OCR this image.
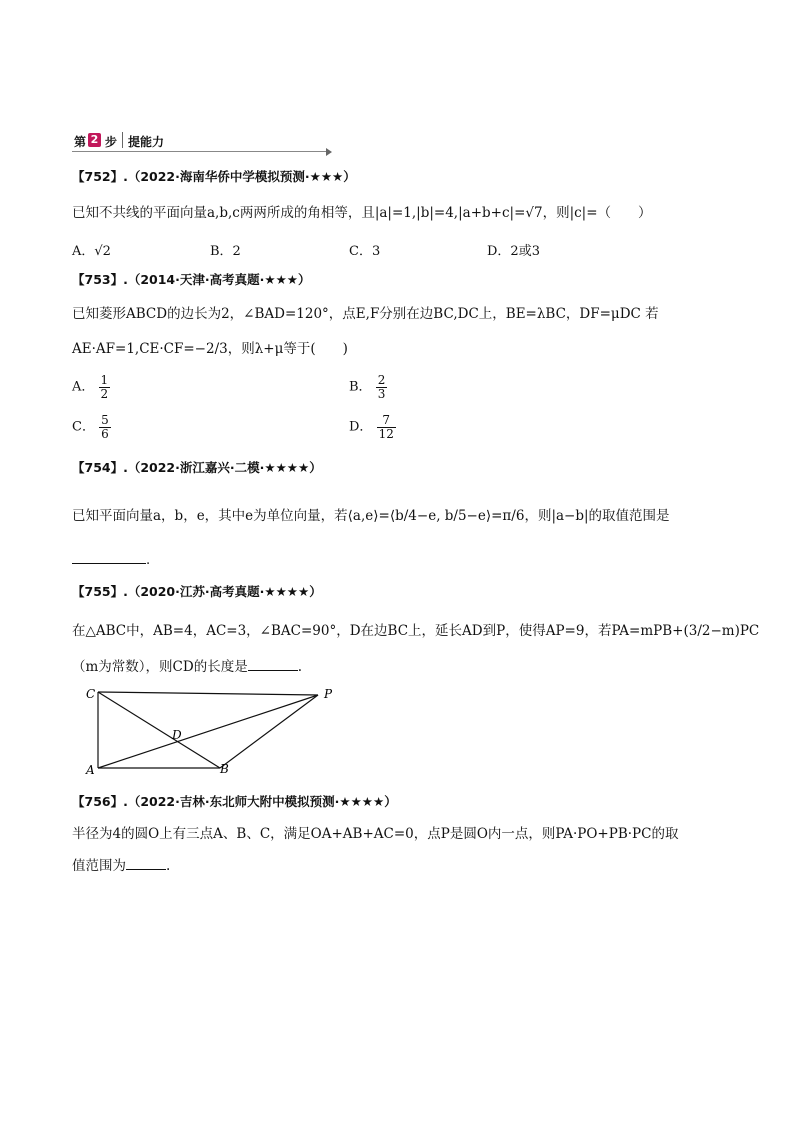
第 2 步 提能力
【752】.（2022·海南华侨中学模拟预测·★★★）
已知不共线的平面向量a,b,c两两所成的角相等，且|a|=1,|b|=4,|a+b+c|=√7，则|c|=（　　）
A．√2	B．2	C．3	D．2或3
【753】.（2014·天津·高考真题·★★★）
已知菱形ABCD的边长为2，∠BAD=120°，点E,F分别在边BC,DC上，BE=λBC，DF=μDC 若
AE·AF=1,CE·CF=−2/3，则λ+μ等于(　　)
A． $\frac{1}{2}$	B． $\frac{2}{3}$
C． $\frac{5}{6}$	D． $\frac{7}{12}$
【754】.（2022·浙江嘉兴·二模·★★★★）
已知平面向量a，b，e，其中e为单位向量，若⟨a,e⟩=⟨b/4−e, b/5−e⟩=π/6，则|a−b|的取值范围是
.
【755】.（2020·江苏·高考真题·★★★★）
在△ABC中，AB=4，AC=3，∠BAC=90°，D在边BC上，延长AD到P，使得AP=9，若PA=mPB+(3/2−m)PC
（m为常数），则CD的长度是	.
C	P
D
A	B
【756】.（2022·吉林·东北师大附中模拟预测·★★★★）
半径为4的圆O上有三点A、B、C，满足OA+AB+AC=0，点P是圆O内一点，则PA·PO+PB·PC的取
值范围为	.
